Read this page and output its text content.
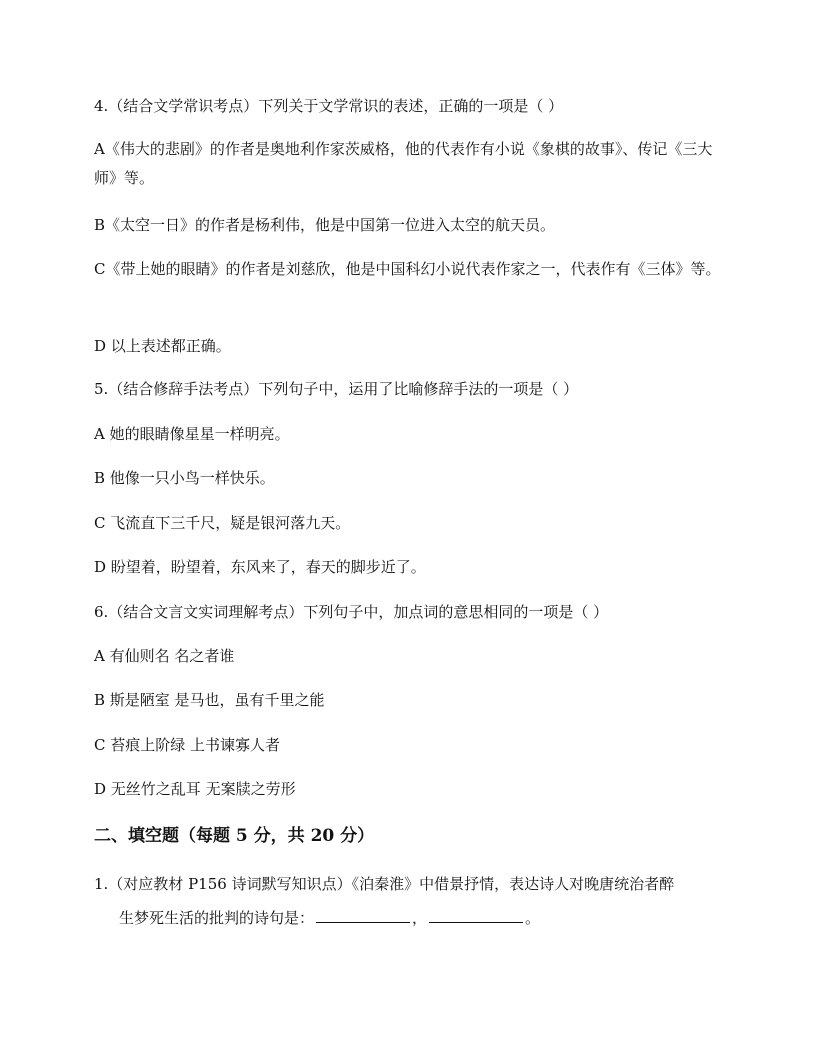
4.（结合文学常识考点）下列关于文学常识的表述，正确的一项是（ ）
A《伟大的悲剧》的作者是奥地利作家茨威格，他的代表作有小说《象棋的故事》、传记《三大师》等。
B《太空一日》的作者是杨利伟，他是中国第一位进入太空的航天员。
C《带上她的眼睛》的作者是刘慈欣，他是中国科幻小说代表作家之一，代表作有《三体》等。
D 以上表述都正确。
5.（结合修辞手法考点）下列句子中，运用了比喻修辞手法的一项是（ ）
A 她的眼睛像星星一样明亮。
B 他像一只小鸟一样快乐。
C 飞流直下三千尺，疑是银河落九天。
D 盼望着，盼望着，东风来了，春天的脚步近了。
6.（结合文言文实词理解考点）下列句子中，加点词的意思相同的一项是（ ）
A 有仙则名 名之者谁
B 斯是陋室 是马也，虽有千里之能
C 苔痕上阶绿 上书谏寡人者
D 无丝竹之乱耳 无案牍之劳形
二、填空题（每题 5 分，共 20 分）
1.（对应教材 P156 诗词默写知识点）《泊秦淮》中借景抒情，表达诗人对晚唐统治者醉
生梦死生活的批判的诗句是：	，	。
